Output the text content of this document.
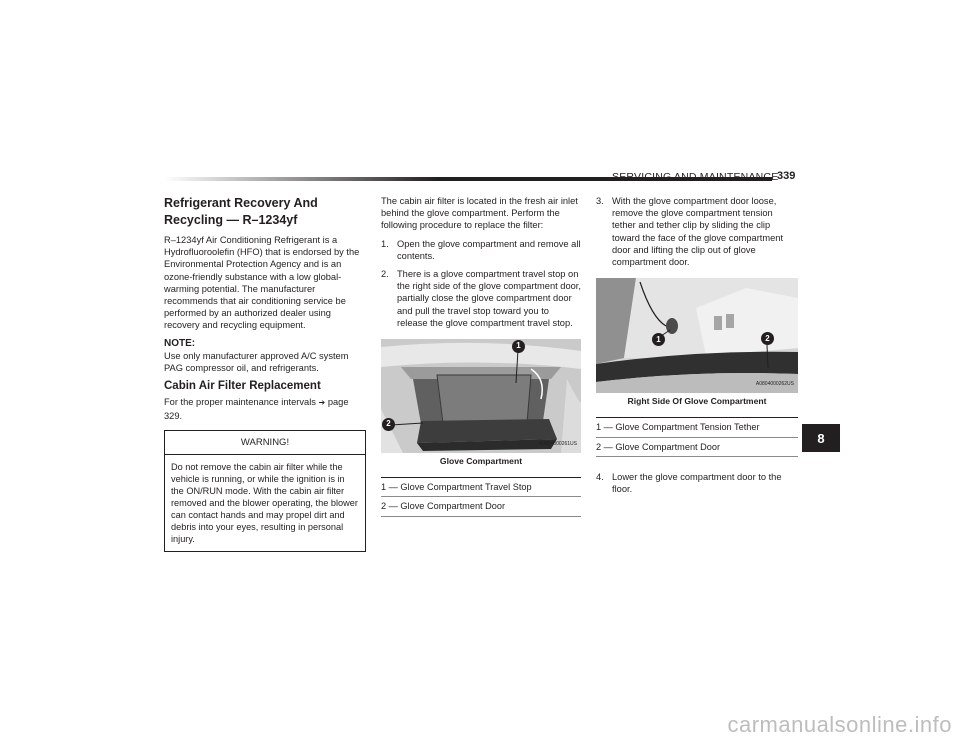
SERVICING AND MAINTENANCE
339
8
Refrigerant Recovery And Recycling — R–1234yf

R–1234yf Air Conditioning Refrigerant is a Hydrofluoroolefin (HFO) that is endorsed by the Environmental Protection Agency and is an ozone-friendly substance with a low global-warming potential. The manufacturer recommends that air conditioning service be performed by an authorized dealer using recovery and recycling equipment.

NOTE:

Use only manufacturer approved A/C system PAG compressor oil, and refrigerants.

Cabin Air Filter Replacement

For the proper maintenance intervals ➔ page 329.

WARNING!
Do not remove the cabin air filter while the vehicle is running, or while the ignition is in the ON/RUN mode. With the cabin air filter removed and the blower operating, the blower can contact hands and may propel dirt and debris into your eyes, resulting in personal injury.

The cabin air filter is located in the fresh air inlet behind the glove compartment. Perform the following procedure to replace the filter:

1. Open the glove compartment and remove all contents.
2. There is a glove compartment travel stop on the right side of the glove compartment door, partially close the glove compartment door and pull the travel stop toward you to release the glove compartment travel stop.
1
2
A0804000261US
Glove Compartment
1 — Glove Compartment Travel Stop
2 — Glove Compartment Door
3. With the glove compartment door loose, remove the glove compartment tension tether and tether clip by sliding the clip toward the face of the glove compartment door and lifting the clip out of glove compartment door.
1	2
A0804000262US
Right Side Of Glove Compartment
1 — Glove Compartment Tension Tether
2 — Glove Compartment Door
4. Lower the glove compartment door to the floor.
carmanualsonline.info
